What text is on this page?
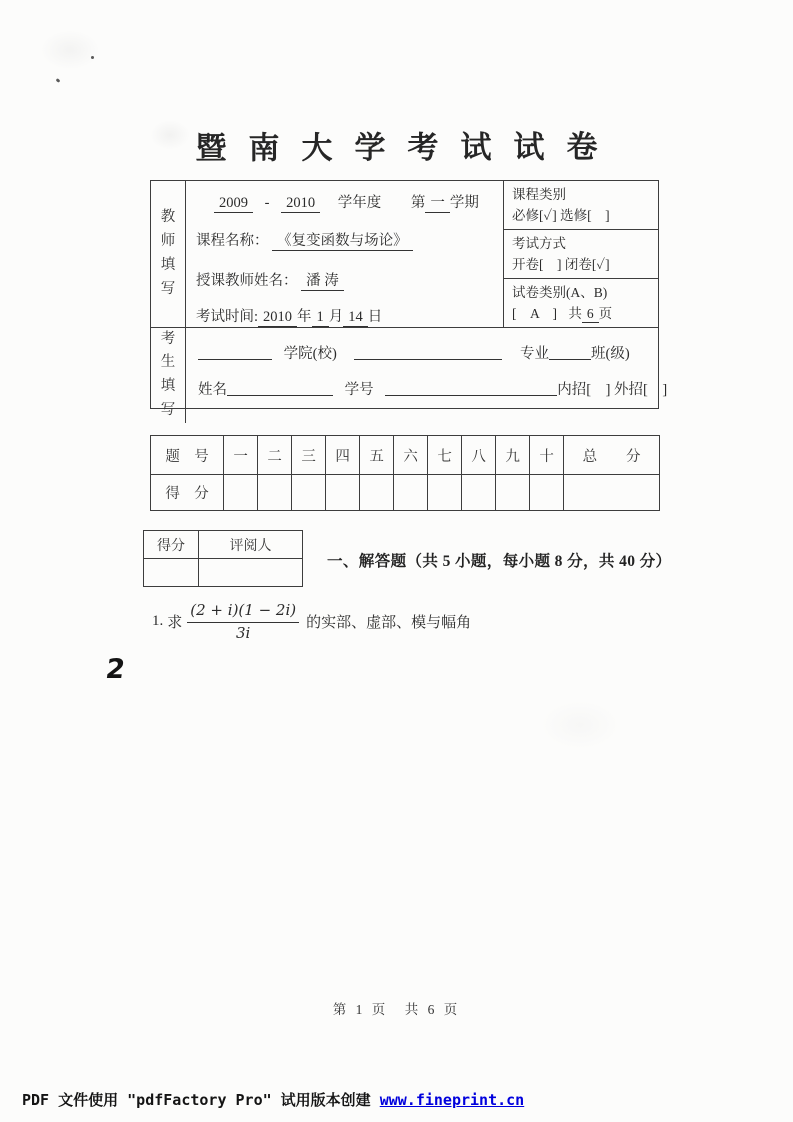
暨南大学考试试卷
教师填写
2009 - 2010 学年度 第 一 学期
课程名称： 《复变函数与场论》
授课教师姓名： 潘 涛
考试时间: 2010 年 1 月 14 日
课程类别
必修[✓] 选修[　]
考试方式
开卷[　] 闭卷[✓]
试卷类别(A、B)
[　A　] 共 6 页
考生填写
学院(校)	专业	班(级)
姓名	学号	内招[　] 外招[　]
题　号	一	二	三	四	五	六	七	八	九	十	总　　分
得　分											
得分	评阅人

一、解答题（共 5 小题，每小题 8 分，共 40 分）
1. 求 $\frac{(2 + i)(1 - 2i)}{3i}$ 的实部、虚部、模与幅角
2
第 1 页　共 6 页
PDF 文件使用 "pdfFactory Pro" 试用版本创建 www.fineprint.cn
